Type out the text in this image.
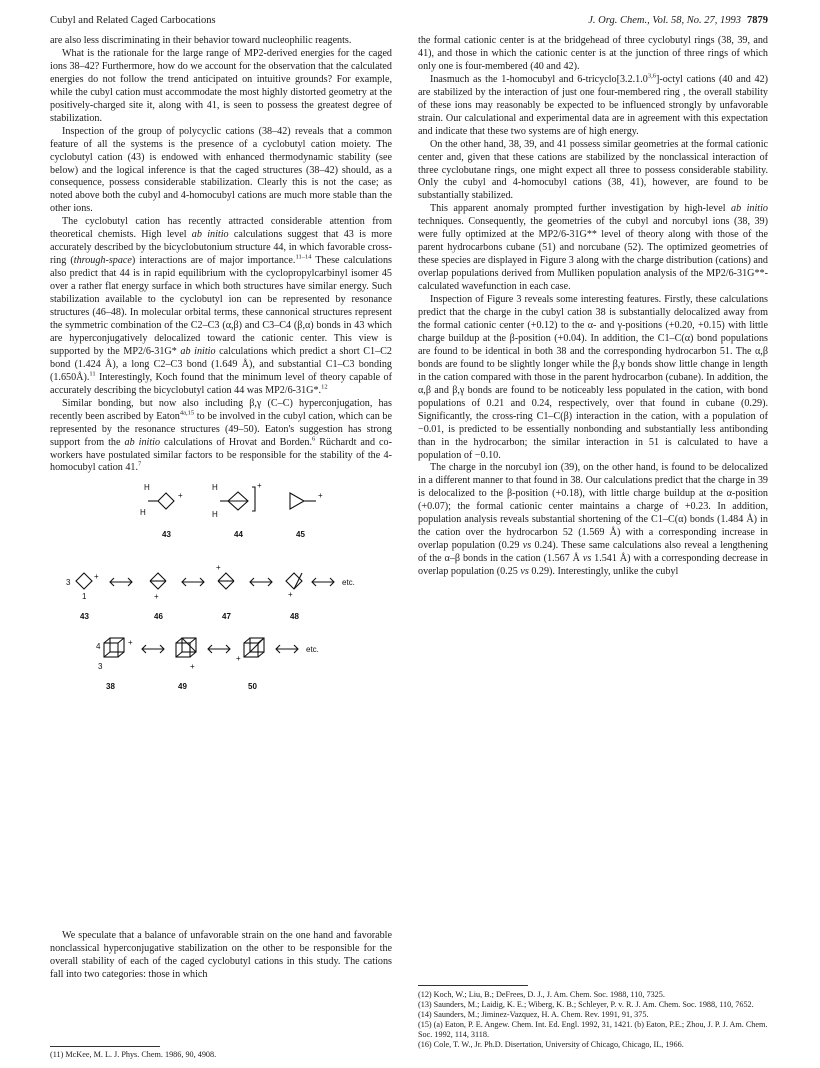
Cubyl and Related Caged Carbocations	J. Org. Chem., Vol. 58, No. 27, 1993 7879

are also less discriminating in their behavior toward nucleophilic reagents.

What is the rationale for the large range of MP2-derived energies for the caged ions 38–42? Furthermore, how do we account for the observation that the calculated energies do not follow the trend anticipated on intuitive grounds? For example, while the cubyl cation must accommodate the most highly distorted geometry at the positively-charged site it, along with 41, is seen to possess the greatest degree of stabilization.

Inspection of the group of polycyclic cations (38–42) reveals that a common feature of all the systems is the presence of a cyclobutyl cation moiety. The cyclobutyl cation (43) is endowed with enhanced thermodynamic stability (see below) and the logical inference is that the caged structures (38–42) should, as a consequence, possess considerable stabilization. Clearly this is not the case; as noted above both the cubyl and 4-homocubyl cations are much more stable than the other ions.

The cyclobutyl cation has recently attracted considerable attention from theoretical chemists. High level ab initio calculations suggest that 43 is more accurately described by the bicyclobutonium structure 44, in which favorable cross-ring (through-space) interactions are of major importance.$^{11-14}$ These calculations also predict that 44 is in rapid equilibrium with the cyclopropylcarbinyl isomer 45 over a rather flat energy surface in which both structures have similar energy. Such stabilization available to the cyclobutyl ion can be represented by resonance structures (46–48). In molecular orbital terms, these cannonical structures represent the symmetric combination of the C2–C3 (α,β) and C3–C4 (β,α) bonds in 43 which are hyperconjugatively delocalized toward the cationic center. This view is supported by the MP2/6-31G* ab initio calculations which predict a short C1–C2 bond (1.424 Å), a long C2–C3 bond (1.649 Å), and substantial C1–C3 bonding (1.650Å).$^{11}$ Interestingly, Koch found that the minimum level of theory capable of accurately describing the bicyclobutyl cation 44 was MP2/6-31G*.$^{12}$

Similar bonding, but now also including β,γ (C–C) hyperconjugation, has recently been ascribed by Eaton$^{4a,15}$ to be involved in the cubyl cation, which can be represented by the resonance structures (49–50). Eaton's suggestion has strong support from the ab initio calculations of Hrovat and Borden.$^6$ Rüchardt and co-workers have postulated similar factors to be responsible for the stability of the 4-homocubyl cation 41.$^7$

H
H
+
43
H
H
+
44
+
45
3
1
+
43
+
46
+
47
+
48
etc.
4
3
+
38
+
49
+
50
etc.

We speculate that a balance of unfavorable strain on the one hand and favorable nonclassical hyperconjugative stabilization on the other to be responsible for the overall stability of each of the caged cyclobutyl cations in this study. The cations fall into two categories: those in which

(11) McKee, M. L. J. Phys. Chem. 1986, 90, 4908.

the formal cationic center is at the bridgehead of three cyclobutyl rings (38, 39, and 41), and those in which the cationic center is at the junction of three rings of which only one is four-membered (40 and 42).

Inasmuch as the 1-homocubyl and 6-tricyclo[3.2.1.0$^{3,6}$]-octyl cations (40 and 42) are stabilized by the interaction of just one four-membered ring , the overall stability of these ions may reasonably be expected to be influenced strongly by unfavorable strain. Our calculational and experimental data are in agreement with this expectation and indicate that these two systems are of high energy.

On the other hand, 38, 39, and 41 possess similar geometries at the formal cationic center and, given that these cations are stabilized by the nonclassical interaction of three cyclobutane rings, one might expect all three to possess considerable stability. Only the cubyl and 4-homocubyl cations (38, 41), however, are found to be substantially stabilized.

This apparent anomaly prompted further investigation by high-level ab initio techniques. Consequently, the geometries of the cubyl and norcubyl ions (38, 39) were fully optimized at the MP2/6-31G** level of theory along with those of the parent hydrocarbons cubane (51) and norcubane (52). The optimized geometries of these species are displayed in Figure 3 along with the charge distribution (cations) and overlap populations derived from Mulliken population analysis of the MP2/6-31G**-calculated wavefunction in each case.

Inspection of Figure 3 reveals some interesting features. Firstly, these calculations predict that the charge in the cubyl cation 38 is substantially delocalized away from the formal cationic center (+0.12) to the α- and γ-positions (+0.20, +0.15) with little charge buildup at the β-position (+0.04). In addition, the C1–C(α) bond populations are found to be identical in both 38 and the corresponding hydrocarbon 51. The α,β bonds are found to be slightly longer while the β,γ bonds show little change in length in the cation compared with those in the parent hydrocarbon (cubane). In addition, the α,β and β,γ bonds are found to be noticeably less populated in the cation, with bond populations of 0.21 and 0.24, respectively, over that found in cubane (0.29). Significantly, the cross-ring C1–C(β) interaction in the cation, with a population of −0.01, is predicted to be essentially nonbonding and substantially less antibonding than in the hydrocarbon; the similar interaction in 51 is calculated to have a population of −0.10.

The charge in the norcubyl ion (39), on the other hand, is found to be delocalized in a different manner to that found in 38. Our calculations predict that the charge in 39 is delocalized to the β-position (+0.18), with little charge buildup at the α-position (+0.07); the formal cationic center maintains a charge of +0.23. In addition, population analysis reveals substantial shortening of the C1–C(α) bonds (1.484 Å) in the cation over the hydrocarbon 52 (1.569 Å) with a corresponding increase in overlap population (0.29 vs 0.24). These same calculations also reveal a lengthening of the α–β bonds in the cation (1.567 Å vs 1.541 Å) with a corresponding decrease in overlap population (0.25 vs 0.29). Interestingly, unlike the cubyl

(12) Koch, W.; Liu, B.; DeFrees, D. J., J. Am. Chem. Soc. 1988, 110, 7325.

(13) Saunders, M.; Laidig, K. E.; Wiberg, K. B.; Schleyer, P. v. R. J. Am. Chem. Soc. 1988, 110, 7652.

(14) Saunders, M.; Jiminez-Vazquez, H. A. Chem. Rev. 1991, 91, 375.

(15) (a) Eaton, P. E. Angew. Chem. Int. Ed. Engl. 1992, 31, 1421. (b) Eaton, P.E.; Zhou, J. P. J. Am. Chem. Soc. 1992, 114, 3118.

(16) Cole, T. W., Jr. Ph.D. Disertation, University of Chicago, Chicago, IL, 1966.
